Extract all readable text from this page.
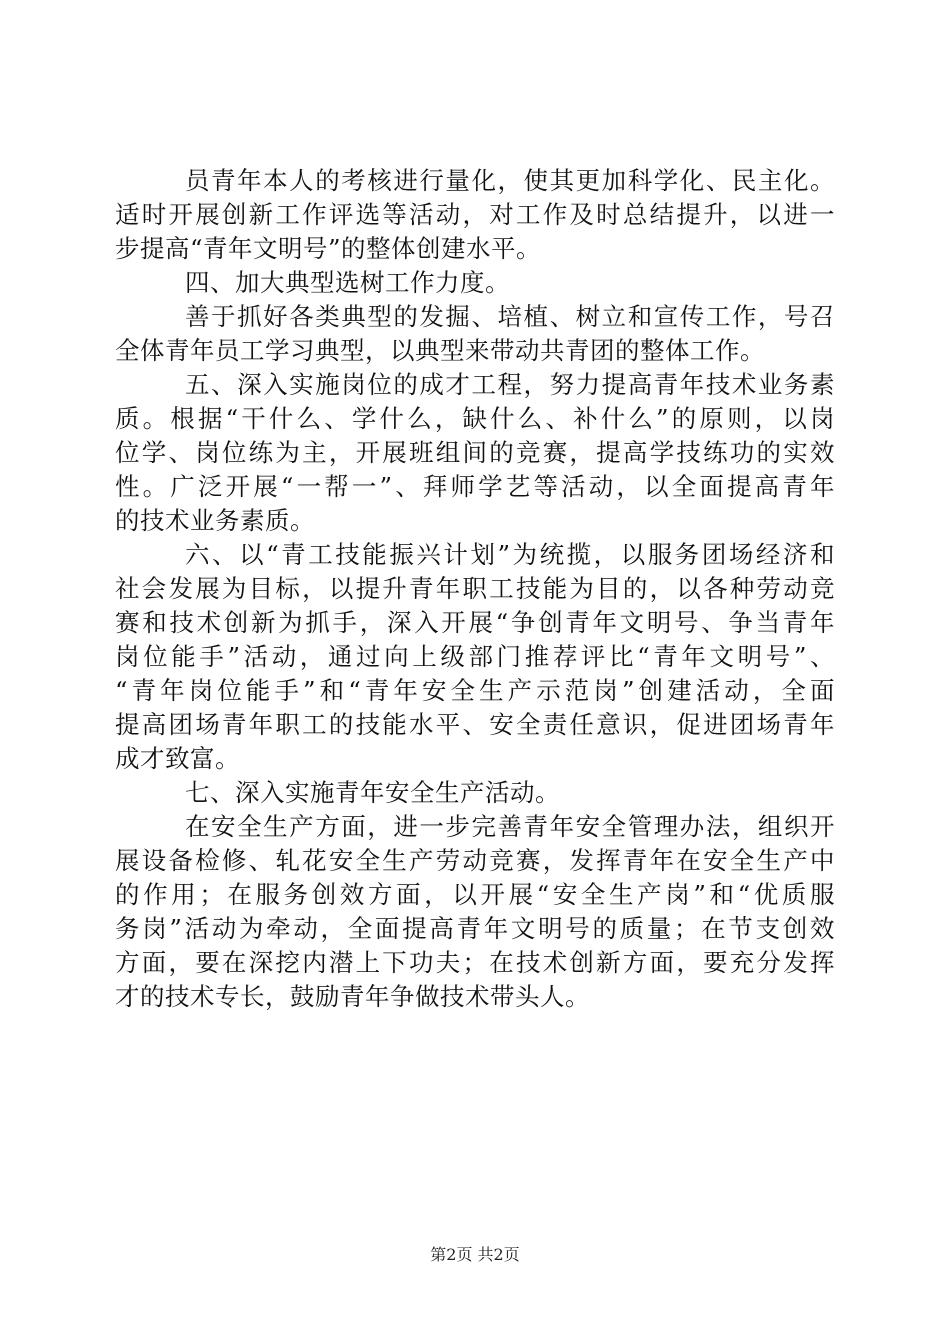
员青年本人的考核进行量化，使其更加科学化、民主化。
适时开展创新工作评选等活动，对工作及时总结提升，以进一
步提高“青年文明号”的整体创建水平。
四、加大典型选树工作力度。
善于抓好各类典型的发掘、培植、树立和宣传工作，号召
全体青年员工学习典型，以典型来带动共青团的整体工作。
五、深入实施岗位的成才工程，努力提高青年技术业务素
质。根据“干什么、学什么，缺什么、补什么”的原则，以岗
位学、岗位练为主，开展班组间的竞赛，提高学技练功的实效
性。广泛开展“一帮一”、拜师学艺等活动，以全面提高青年
的技术业务素质。
六、以“青工技能振兴计划”为统揽，以服务团场经济和
社会发展为目标，以提升青年职工技能为目的，以各种劳动竞
赛和技术创新为抓手，深入开展“争创青年文明号、争当青年
岗位能手”活动，通过向上级部门推荐评比“青年文明号”、
“青年岗位能手”和“青年安全生产示范岗”创建活动，全面
提高团场青年职工的技能水平、安全责任意识，促进团场青年
成才致富。
七、深入实施青年安全生产活动。
在安全生产方面，进一步完善青年安全管理办法，组织开
展设备检修、轧花安全生产劳动竞赛，发挥青年在安全生产中
的作用；在服务创效方面，以开展“安全生产岗”和“优质服
务岗”活动为牵动，全面提高青年文明号的质量；在节支创效
方面，要在深挖内潜上下功夫；在技术创新方面，要充分发挥
才的技术专长，鼓励青年争做技术带头人。
第2页 共2页
